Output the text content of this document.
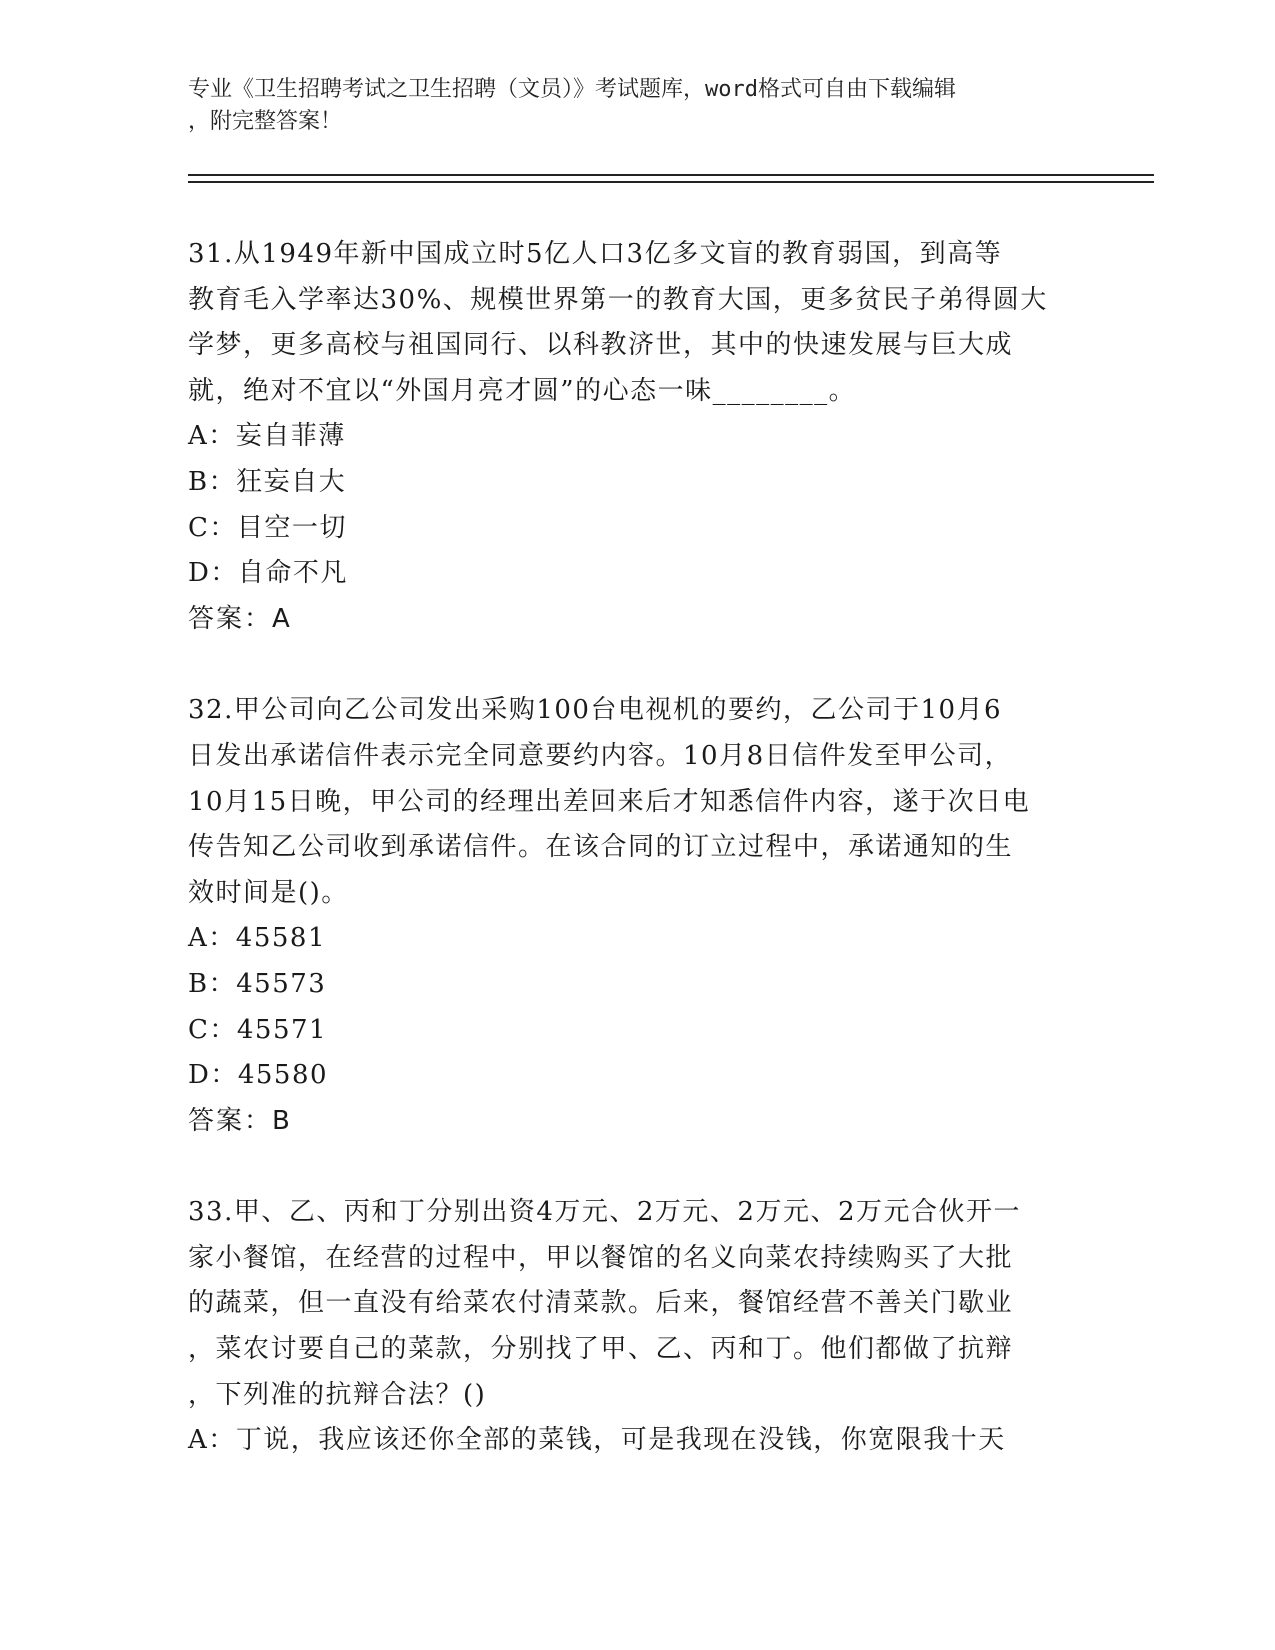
专业《卫生招聘考试之卫生招聘（文员）》考试题库，word格式可自由下载编辑
，附完整答案！
31.从1949年新中国成立时5亿人口3亿多文盲的教育弱国，到高等
教育毛入学率达30%、规模世界第一的教育大国，更多贫民子弟得圆大
学梦，更多高校与祖国同行、以科教济世，其中的快速发展与巨大成
就，绝对不宜以“外国月亮才圆”的心态一味________。
A：妄自菲薄
B：狂妄自大
C：目空一切
D：自命不凡
答案：A
32.甲公司向乙公司发出采购100台电视机的要约，乙公司于10月6
日发出承诺信件表示完全同意要约内容。10月8日信件发至甲公司，
10月15日晚，甲公司的经理出差回来后才知悉信件内容，遂于次日电
传告知乙公司收到承诺信件。在该合同的订立过程中，承诺通知的生
效时间是()。
A：45581
B：45573
C：45571
D：45580
答案：B
33.甲、乙、丙和丁分别出资4万元、2万元、2万元、2万元合伙开一
家小餐馆，在经营的过程中，甲以餐馆的名义向菜农持续购买了大批
的蔬菜，但一直没有给菜农付清菜款。后来，餐馆经营不善关门歇业
，菜农讨要自己的菜款，分别找了甲、乙、丙和丁。他们都做了抗辩
，下列准的抗辩合法？()
A：丁说，我应该还你全部的菜钱，可是我现在没钱，你宽限我十天
